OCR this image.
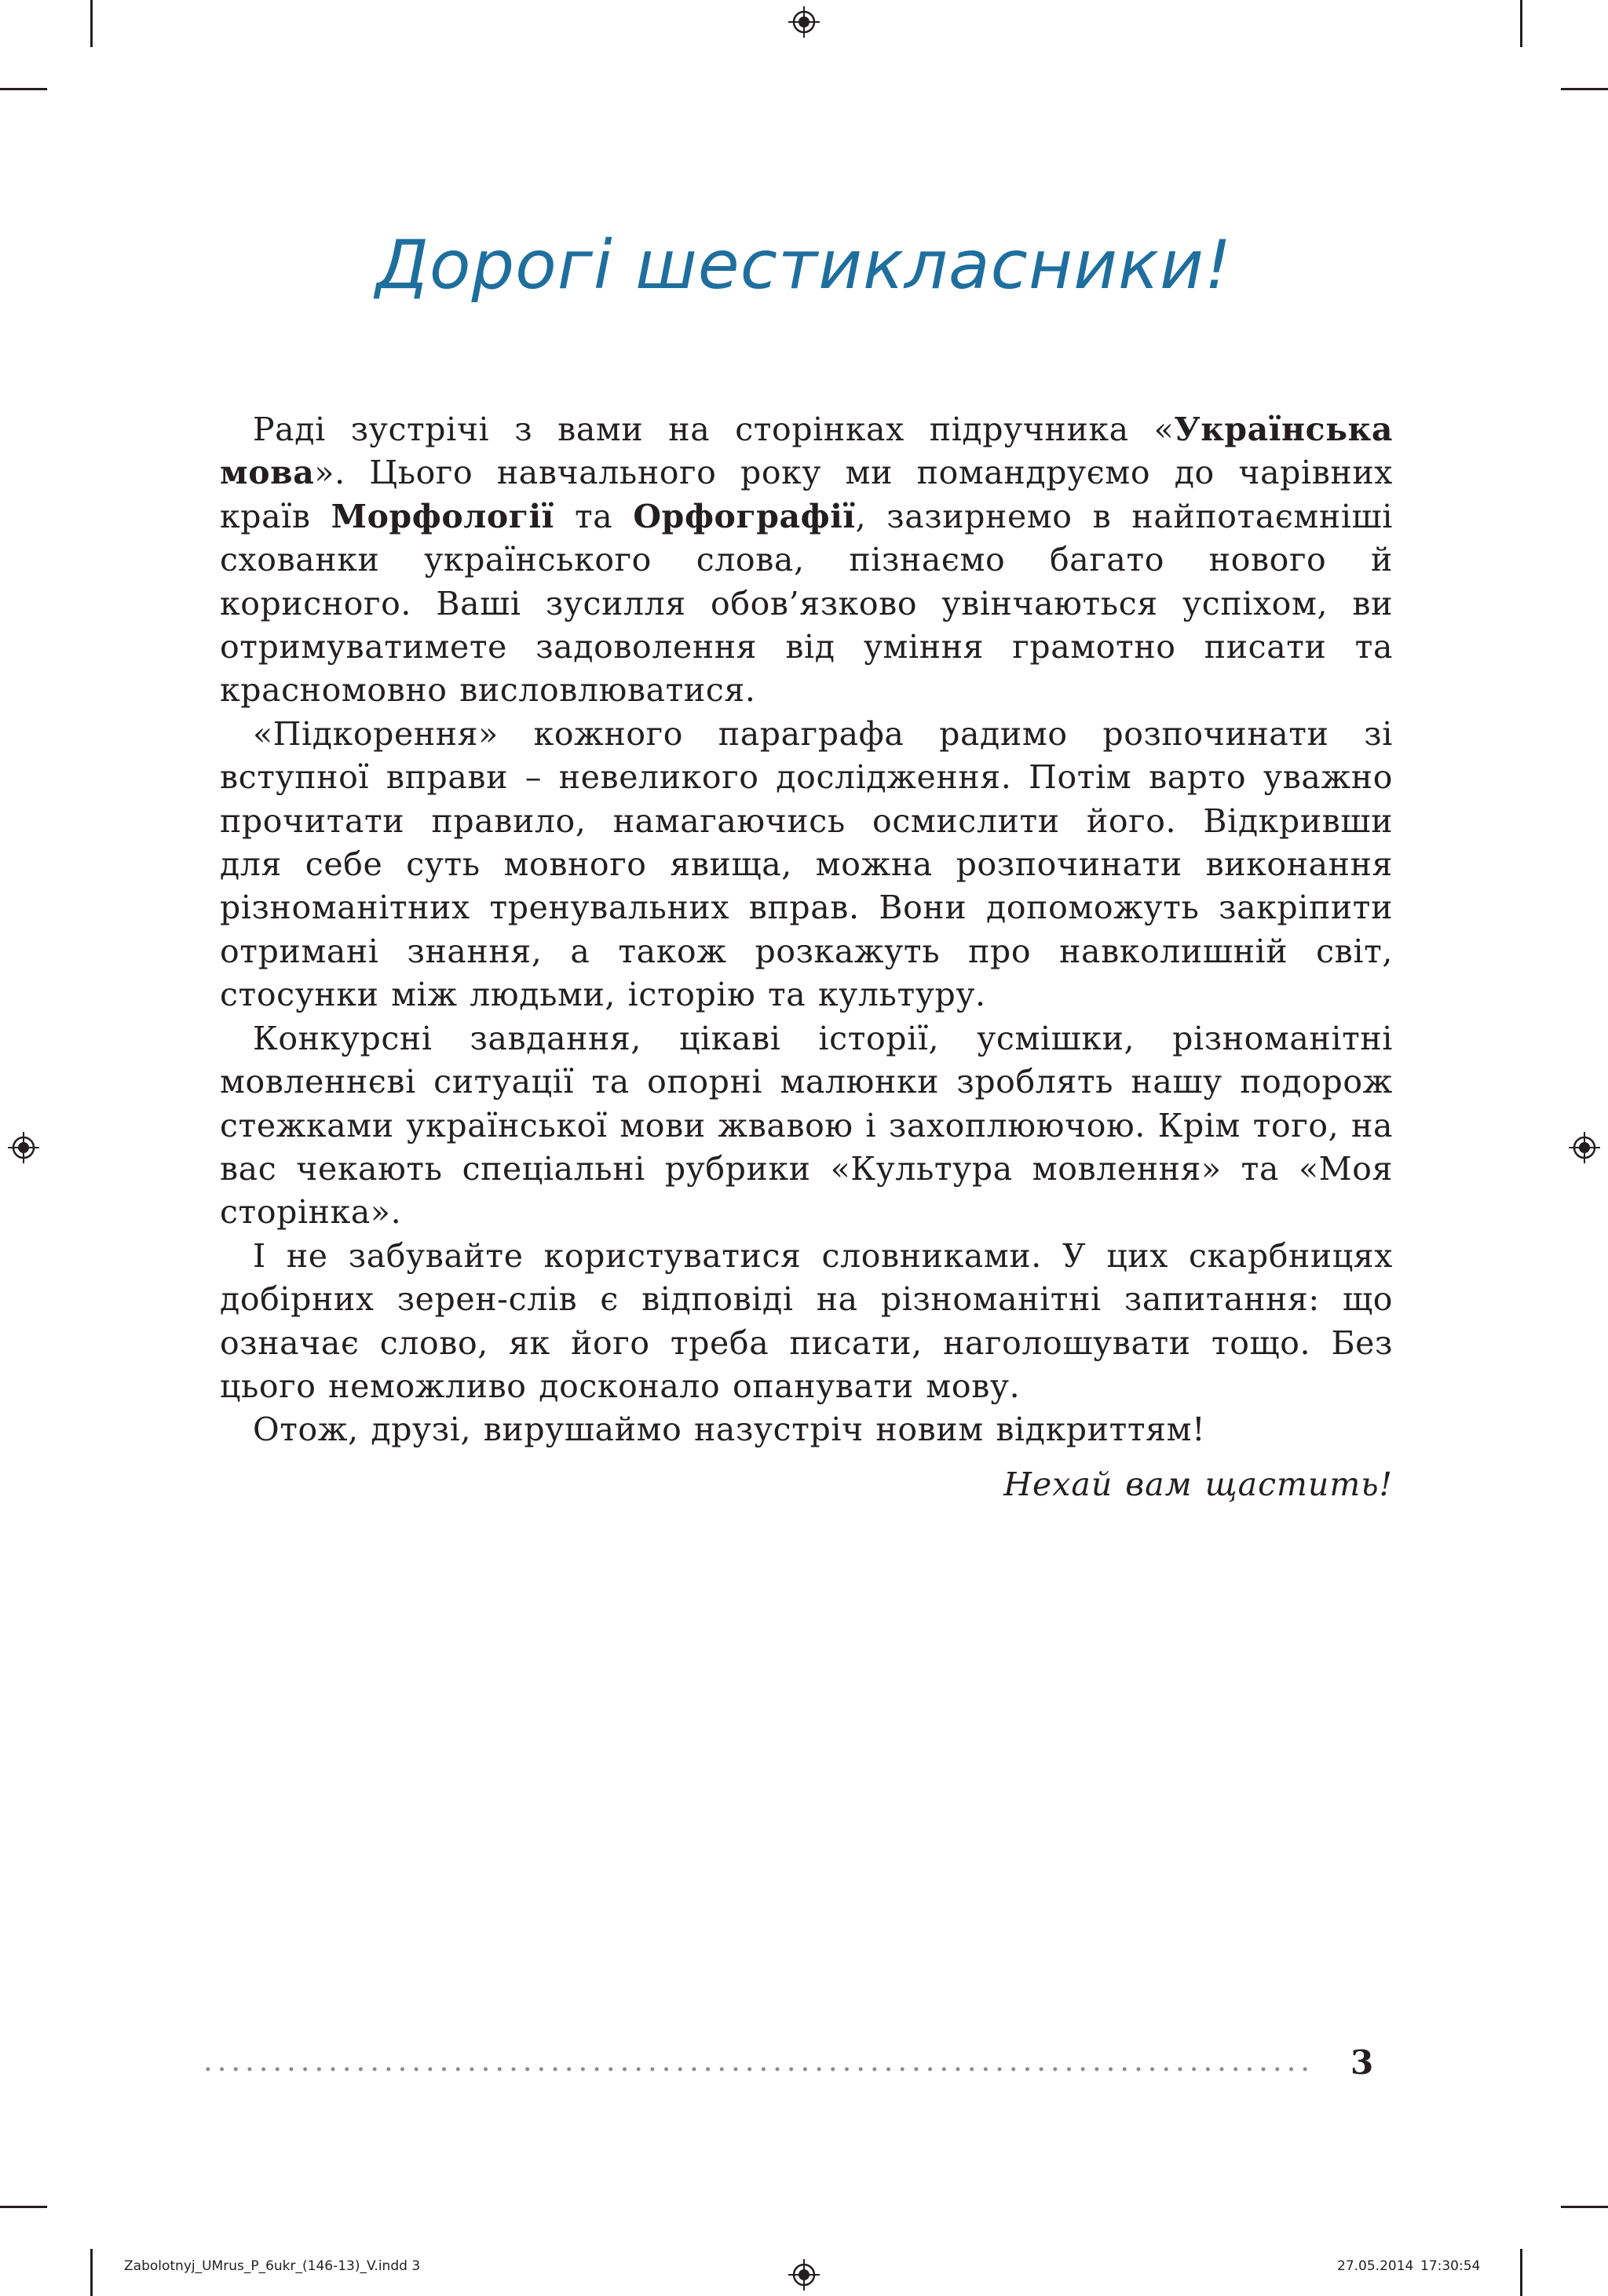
Дорогі шестикласники!

Раді зустрічі з вами на сторінках підручника «Українська мова». Цього навчального року ми помандруємо до чарівних країв Морфології та Орфографії, зазирнемо в найпотаємніші схованки українського слова, пізнаємо багато нового й корисного. Ваші зусилля обов’язково увінчаються успіхом, ви отримуватимете задоволення від уміння грамотно писати та красномовно висловлюватися.

«Підкорення» кожного параграфа радимо розпочинати зі вступної вправи – невеликого дослідження. Потім варто уважно прочитати правило, намагаючись осмислити його. Відкривши для себе суть мовного явища, можна розпочинати виконання різноманітних тренувальних вправ. Вони допоможуть закріпити отримані знання, а також розкажуть про навколишній світ, стосунки між людьми, історію та культуру.

Конкурсні завдання, цікаві історії, усмішки, різноманітні мовленнєві ситуації та опорні малюнки зроблять нашу подорож стежками української мови жвавою і захоплюючою. Крім того, на вас чекають спеціальні рубрики «Культура мовлення» та «Моя сторінка».

І не забувайте користуватися словниками. У цих скарбницях добірних зерен-слів є відповіді на різноманітні запитання: що означає слово, як його треба писати, наголошувати тощо. Без цього неможливо досконало опанувати мову.

Отож, друзі, вирушаймо назустріч новим відкриттям!

Нехай вам щастить!
3
Zabolotnyj_UMrus_P_6ukr_(146-13)_V.indd 3	27.05.2014 17:30:54
